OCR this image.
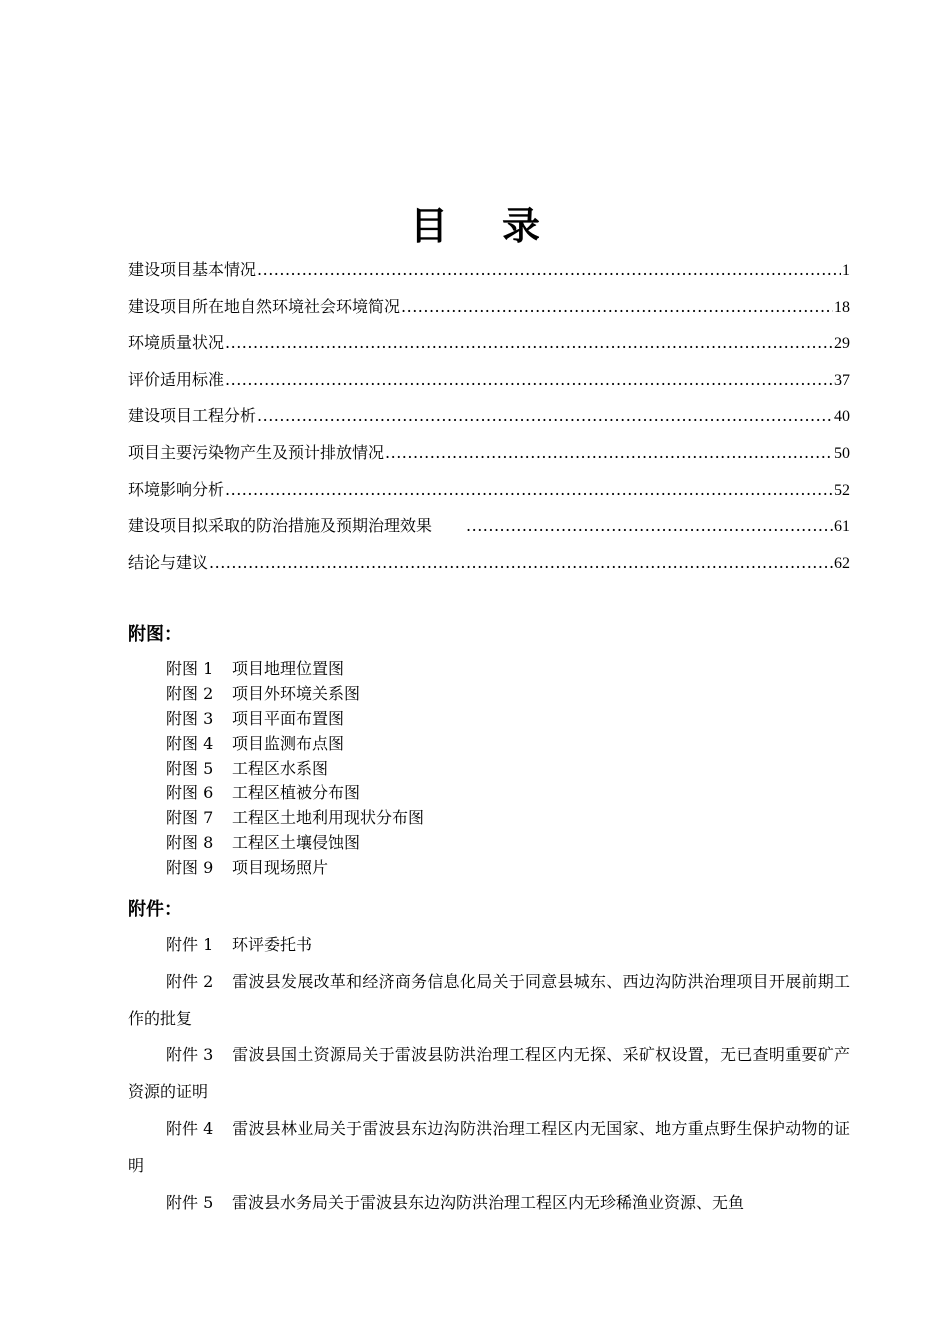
目 录
建设项目基本情况 .....	1
建设项目所在地自然环境社会环境简况 .....	18
环境质量状况 .....	29
评价适用标准 .....	37
建设项目工程分析 .....	40
项目主要污染物产生及预计排放情况 .....	50
环境影响分析 .....	52
建设项目拟采取的防治措施及预期治理效果　 .....	61
结论与建议 .....	62
附图：
附图 1 项目地理位置图
附图 2 项目外环境关系图
附图 3 项目平面布置图
附图 4 项目监测布点图
附图 5 工程区水系图
附图 6 工程区植被分布图
附图 7 工程区土地利用现状分布图
附图 8 工程区土壤侵蚀图
附图 9 项目现场照片
附件：
附件 1 环评委托书
附件 2 雷波县发展改革和经济商务信息化局关于同意县城东、西边沟防洪治理项目开展前期工作的批复
附件 3 雷波县国土资源局关于雷波县防洪治理工程区内无探、采矿权设置，无已查明重要矿产资源的证明
附件 4 雷波县林业局关于雷波县东边沟防洪治理工程区内无国家、地方重点野生保护动物的证明
附件 5 雷波县水务局关于雷波县东边沟防洪治理工程区内无珍稀渔业资源、无鱼
